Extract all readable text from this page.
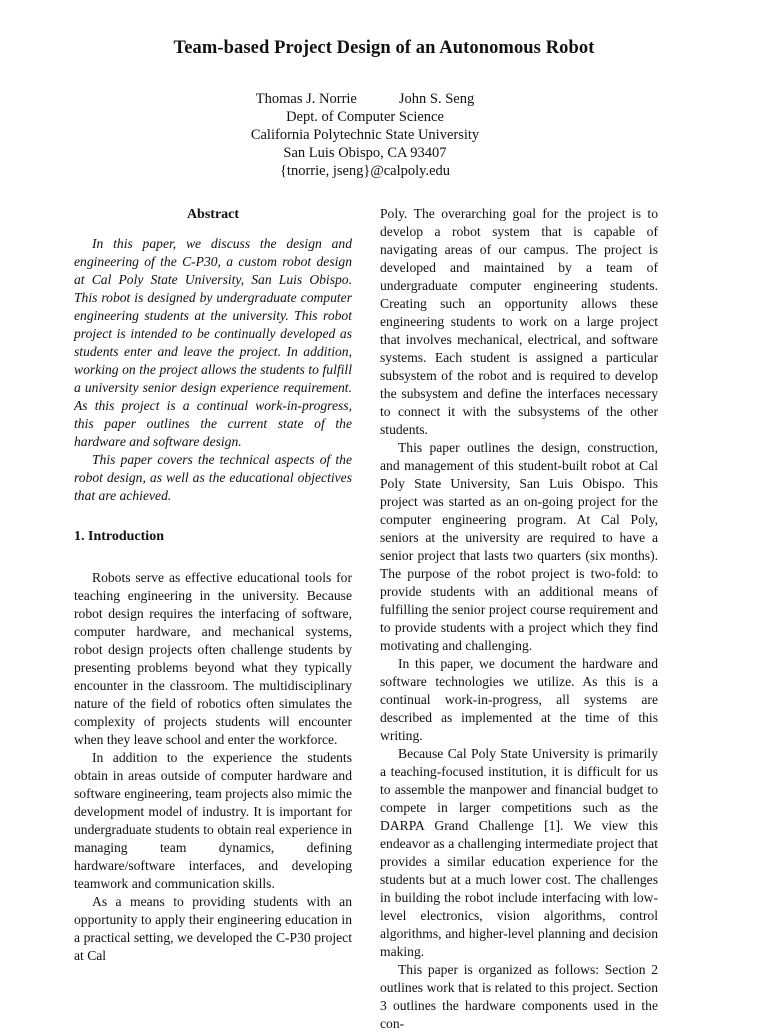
Team-based Project Design of an Autonomous Robot
Thomas J. Norrie	John S. Seng
Dept. of Computer Science
California Polytechnic State University
San Luis Obispo, CA 93407
{tnorrie, jseng}@calpoly.edu
Abstract

In this paper, we discuss the design and engineering of the C-P30, a custom robot design at Cal Poly State University, San Luis Obispo. This robot is designed by undergraduate computer engineering students at the university. This robot project is intended to be continually developed as students enter and leave the project. In addition, working on the project allows the students to fulfill a university senior design experience requirement. As this project is a continual work-in-progress, this paper outlines the current state of the hardware and software design.

This paper covers the technical aspects of the robot design, as well as the educational objectives that are achieved.

1. Introduction

Robots serve as effective educational tools for teaching engineering in the university. Because robot design requires the interfacing of software, computer hardware, and mechanical systems, robot design projects often challenge students by presenting problems beyond what they typically encounter in the classroom. The multidisciplinary nature of the field of robotics often simulates the complexity of projects students will encounter when they leave school and enter the workforce.

In addition to the experience the students obtain in areas outside of computer hardware and software engineering, team projects also mimic the development model of industry. It is important for undergraduate students to obtain real experience in managing team dynamics, defining hardware/software interfaces, and developing teamwork and communication skills.

As a means to providing students with an opportunity to apply their engineering education in a practical setting, we developed the C-P30 project at Cal

Poly. The overarching goal for the project is to develop a robot system that is capable of navigating areas of our campus. The project is developed and maintained by a team of undergraduate computer engineering students. Creating such an opportunity allows these engineering students to work on a large project that involves mechanical, electrical, and software systems. Each student is assigned a particular subsystem of the robot and is required to develop the subsystem and define the interfaces necessary to connect it with the subsystems of the other students.

This paper outlines the design, construction, and management of this student-built robot at Cal Poly State University, San Luis Obispo. This project was started as an on-going project for the computer engineering program. At Cal Poly, seniors at the university are required to have a senior project that lasts two quarters (six months). The purpose of the robot project is two-fold: to provide students with an additional means of fulfilling the senior project course requirement and to provide students with a project which they find motivating and challenging.

In this paper, we document the hardware and software technologies we utilize. As this is a continual work-in-progress, all systems are described as implemented at the time of this writing.

Because Cal Poly State University is primarily a teaching-focused institution, it is difficult for us to assemble the manpower and financial budget to compete in larger competitions such as the DARPA Grand Challenge [1]. We view this endeavor as a challenging intermediate project that provides a similar education experience for the students but at a much lower cost. The challenges in building the robot include interfacing with low-level electronics, vision algorithms, control algorithms, and higher-level planning and decision making.

This paper is organized as follows: Section 2 outlines work that is related to this project. Section 3 outlines the hardware components used in the con-
